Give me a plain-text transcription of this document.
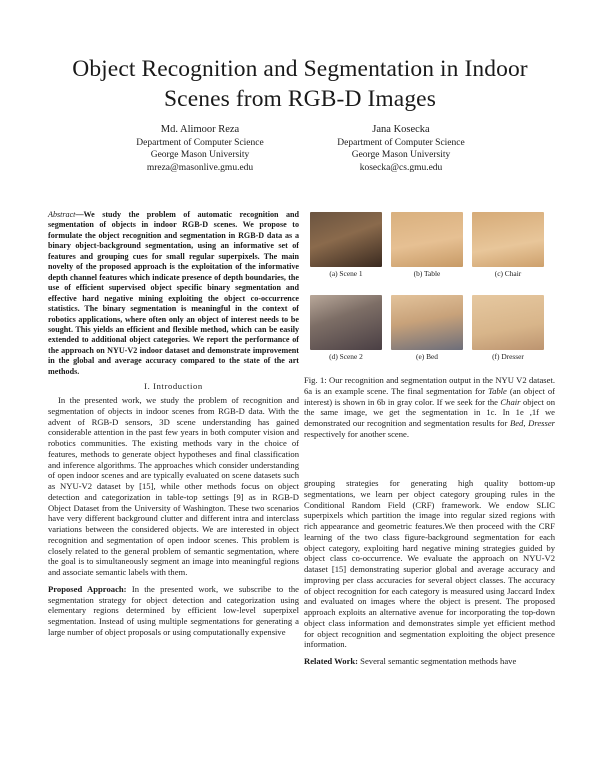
Object Recognition and Segmentation in Indoor Scenes from RGB-D Images
Md. Alimoor Reza
Department of Computer Science
George Mason University
mreza@masonlive.gmu.edu
Jana Kosecka
Department of Computer Science
George Mason University
kosecka@cs.gmu.edu
Abstract—We study the problem of automatic recognition and segmentation of objects in indoor RGB-D scenes. We propose to formulate the object recognition and segmentation in RGB-D data as a binary object-background segmentation, using an informative set of features and grouping cues for small regular superpixels. The main novelty of the proposed approach is the exploitation of the informative depth channel features which indicate presence of depth boundaries, the use of efficient supervised object specific binary segmentation and effective hard negative mining exploiting the object co-occurrence statistics. The binary segmentation is meaningful in the context of robotics applications, where often only an object of interest needs to be sought. This yields an efficient and flexible method, which can be easily extended to additional object categories. We report the performance of the approach on NYU-V2 indoor dataset and demonstrate improvement in the global and average accuracy compared to the state of the art methods.
I. Introduction

In the presented work, we study the problem of recognition and segmentation of objects in indoor scenes from RGB-D data. With the advent of RGB-D sensors, 3D scene understanding has gained considerable attention in the past few years in both computer vision and robotics communities. The existing methods vary in the choice of features, methods to generate object hypotheses and final classification and inference algorithms. The approaches which consider understanding of open indoor scenes and are typically evaluated on scene datasets such as NYU-V2 dataset by [15], while other methods focus on object detection and categorization in table-top settings [9] as in RGB-D Object Dataset from the University of Washington. These two scenarios have very different background clutter and different intra and interclass variations between the considered objects. We are interested in object recognition and segmentation of open indoor scenes. This problem is closely related to the general problem of semantic segmentation, where the goal is to simultaneously segment an image into meaningful regions and associate semantic labels with them.

Proposed Approach: In the presented work, we subscribe to the segmentation strategy for object detection and categorization using elementary regions determined by efficient low-level superpixel segmentation. Instead of using multiple segmentations for generating a large number of object proposals or using computationally expensive

(a) Scene 1	(b) Table	(c) Chair
(d) Scene 2	(e) Bed	(f) Dresser
Fig. 1: Our recognition and segmentation output in the NYU V2 dataset. 6a is an example scene. The final segmentation for Table (an object of interest) is shown in 6b in gray color. If we seek for the Chair object on the same image, we get the segmentation in 1c. In 1e ,1f we demonstrated our recognition and segmentation results for Bed, Dresser respectively for another scene.

grouping strategies for generating high quality bottom-up segmentations, we learn per object category grouping rules in the Conditional Random Field (CRF) framework. We endow SLIC superpixels which partition the image into regular sized regions with rich appearance and geometric features.We then proceed with the CRF learning of the two class figure-background segmentation for each object category, exploiting hard negative mining strategies guided by object class co-occurrence. We evaluate the approach on NYU-V2 dataset [15] demonstrating superior global and average accuracy and improving per class accuracies for several object classes. The accuracy of object recognition for each category is measured using Jaccard Index and evaluated on images where the object is present. The proposed approach exploits an alternative avenue for incorporating the top-down object class information and demonstrates simple yet efficient method for object recognition and segmentation exploiting the object presence information.

Related Work: Several semantic segmentation methods have
